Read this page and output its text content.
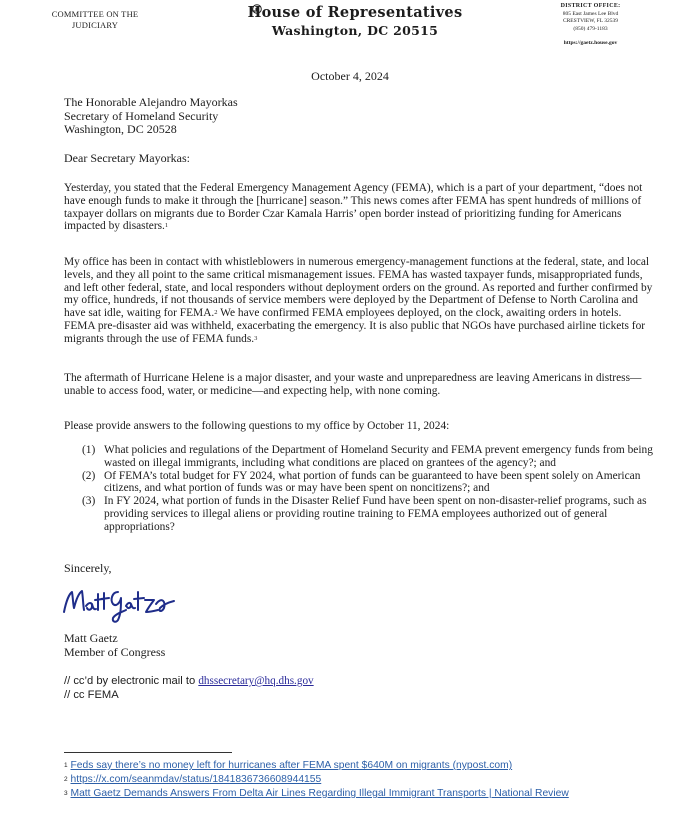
COMMITTEE ON THE
JUDICIARY
House of Representatives
Washington, DC 20515
DISTRICT OFFICE:
805 East James Lee Blvd
CRESTVIEW, FL 32539
(850) 479-1183
https://gaetz.house.gov
October 4, 2024
The Honorable Alejandro Mayorkas
Secretary of Homeland Security
Washington, DC 20528
Dear Secretary Mayorkas:
Yesterday, you stated that the Federal Emergency Management Agency (FEMA), which is a part of your department, “does not have enough funds to make it through the [hurricane] season.” This news comes after FEMA has spent hundreds of millions of taxpayer dollars on migrants due to Border Czar Kamala Harris’ open border instead of prioritizing funding for Americans impacted by disasters.$^1$
My office has been in contact with whistleblowers in numerous emergency-management functions at the federal, state, and local levels, and they all point to the same critical mismanagement issues. FEMA has wasted taxpayer funds, misappropriated funds, and left other federal, state, and local responders without deployment orders on the ground. As reported and further confirmed by my office, hundreds, if not thousands of service members were deployed by the Department of Defense to North Carolina and have sat idle, waiting for FEMA.$^2$ We have confirmed FEMA employees deployed, on the clock, awaiting orders in hotels. FEMA pre-disaster aid was withheld, exacerbating the emergency. It is also public that NGOs have purchased airline tickets for migrants through the use of FEMA funds.$^3$
The aftermath of Hurricane Helene is a major disaster, and your waste and unpreparedness are leaving Americans in distress—unable to access food, water, or medicine—and expecting help, with none coming.
Please provide answers to the following questions to my office by October 11, 2024:
(1) What policies and regulations of the Department of Homeland Security and FEMA prevent emergency funds from being wasted on illegal immigrants, including what conditions are placed on grantees of the agency?; and
(2) Of FEMA’s total budget for FY 2024, what portion of funds can be guaranteed to have been spent solely on American citizens, and what portion of funds was or may have been spent on noncitizens?; and
(3) In FY 2024, what portion of funds in the Disaster Relief Fund have been spent on non-disaster-relief programs, such as providing services to illegal aliens or providing routine training to FEMA employees authorized out of general appropriations?
Sincerely,
Matt Gaetz
Member of Congress
// cc’d by electronic mail to dhssecretary@hq.dhs.gov
// cc FEMA
$^1$ Feds say there’s no money left for hurricanes after FEMA spent $640M on migrants (nypost.com)
$^2$ https://x.com/seanmdav/status/1841836736608944155
$^3$ Matt Gaetz Demands Answers From Delta Air Lines Regarding Illegal Immigrant Transports | National Review
